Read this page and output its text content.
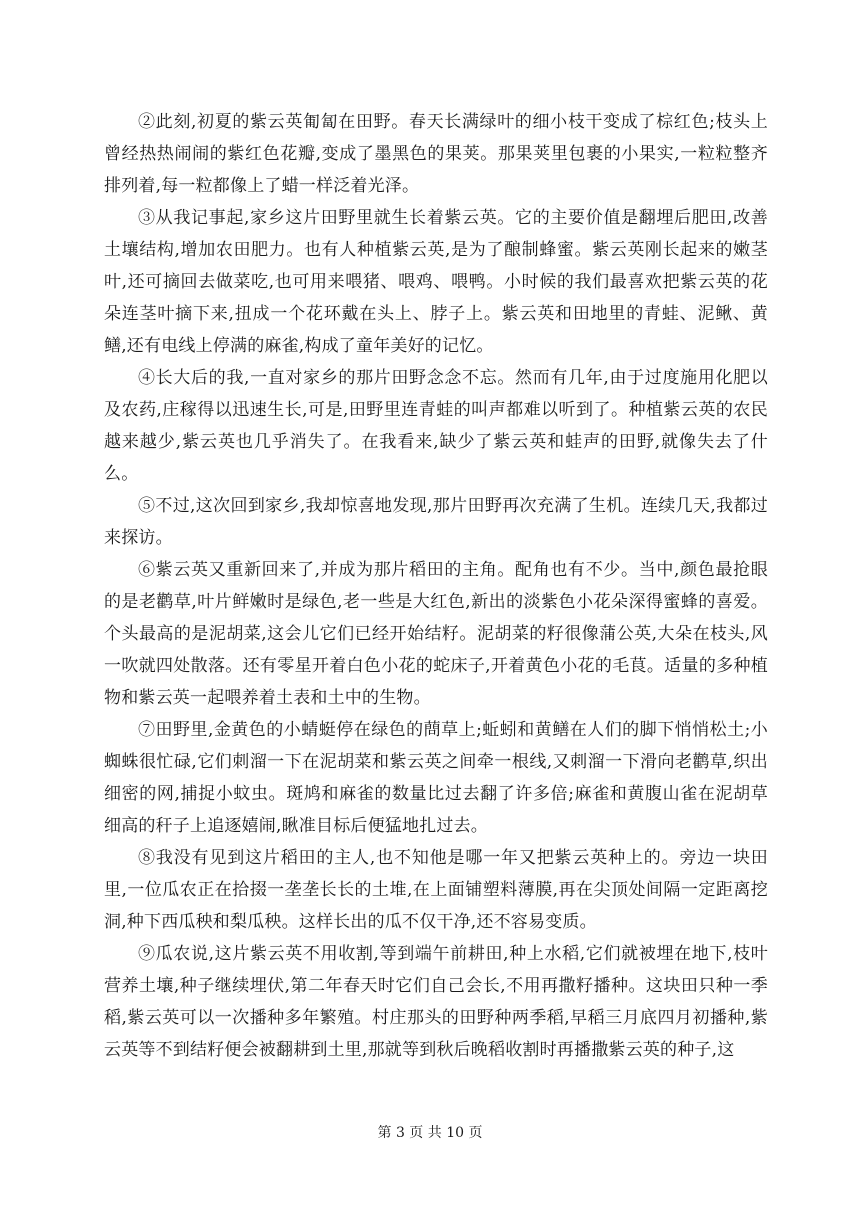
②此刻,初夏的紫云英匍匐在田野。春天长满绿叶的细小枝干变成了棕红色;枝头上曾经热热闹闹的紫红色花瓣,变成了墨黑色的果荚。那果荚里包裹的小果实,一粒粒整齐排列着,每一粒都像上了蜡一样泛着光泽。

③从我记事起,家乡这片田野里就生长着紫云英。它的主要价值是翻埋后肥田,改善土壤结构,增加农田肥力。也有人种植紫云英,是为了酿制蜂蜜。紫云英刚长起来的嫩茎叶,还可摘回去做菜吃,也可用来喂猪、喂鸡、喂鸭。小时候的我们最喜欢把紫云英的花朵连茎叶摘下来,扭成一个花环戴在头上、脖子上。紫云英和田地里的青蛙、泥鳅、黄鳝,还有电线上停满的麻雀,构成了童年美好的记忆。

④长大后的我,一直对家乡的那片田野念念不忘。然而有几年,由于过度施用化肥以及农药,庄稼得以迅速生长,可是,田野里连青蛙的叫声都难以听到了。种植紫云英的农民越来越少,紫云英也几乎消失了。在我看来,缺少了紫云英和蛙声的田野,就像失去了什么。

⑤不过,这次回到家乡,我却惊喜地发现,那片田野再次充满了生机。连续几天,我都过来探访。

⑥紫云英又重新回来了,并成为那片稻田的主角。配角也有不少。当中,颜色最抢眼的是老鹳草,叶片鲜嫩时是绿色,老一些是大红色,新出的淡紫色小花朵深得蜜蜂的喜爱。个头最高的是泥胡菜,这会儿它们已经开始结籽。泥胡菜的籽很像蒲公英,大朵在枝头,风一吹就四处散落。还有零星开着白色小花的蛇床子,开着黄色小花的毛茛。适量的多种植物和紫云英一起喂养着土表和土中的生物。

⑦田野里,金黄色的小蜻蜓停在绿色的蔄草上;蚯蚓和黄鳝在人们的脚下悄悄松土;小蜘蛛很忙碌,它们刺溜一下在泥胡菜和紫云英之间牵一根线,又刺溜一下滑向老鹳草,织出细密的网,捕捉小蚊虫。斑鸠和麻雀的数量比过去翻了许多倍;麻雀和黄腹山雀在泥胡草细高的秆子上追逐嬉闹,瞅准目标后便猛地扎过去。

⑧我没有见到这片稻田的主人,也不知他是哪一年又把紫云英种上的。旁边一块田里,一位瓜农正在拾掇一垄垄长长的土堆,在上面铺塑料薄膜,再在尖顶处间隔一定距离挖洞,种下西瓜秧和梨瓜秧。这样长出的瓜不仅干净,还不容易变质。

⑨瓜农说,这片紫云英不用收割,等到端午前耕田,种上水稻,它们就被埋在地下,枝叶营养土壤,种子继续埋伏,第二年春天时它们自己会长,不用再撒籽播种。这块田只种一季稻,紫云英可以一次播种多年繁殖。村庄那头的田野种两季稻,早稻三月底四月初播种,紫云英等不到结籽便会被翻耕到土里,那就等到秋后晚稻收割时再播撒紫云英的种子,这

第 3 页 共 10 页
